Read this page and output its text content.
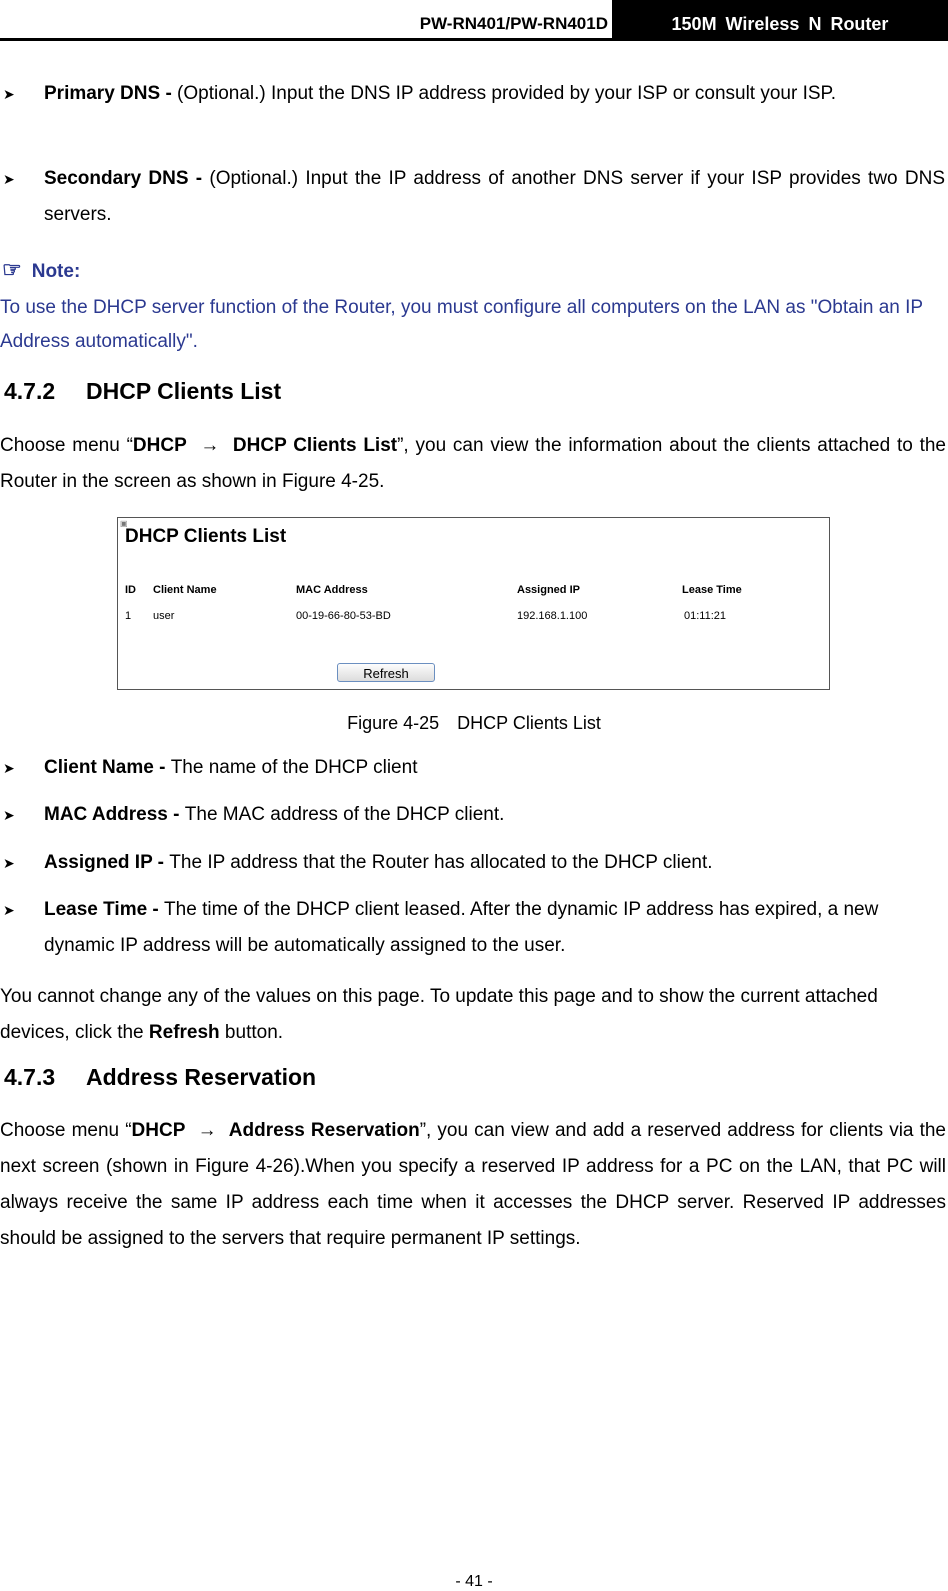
PW-RN401/PW-RN401D	150M Wireless N Router
➤ Primary DNS - (Optional.) Input the DNS IP address provided by your ISP or consult your ISP.
➤ Secondary DNS - (Optional.) Input the IP address of another DNS server if your ISP provides two DNS servers.
☞ Note:
To use the DHCP server function of the Router, you must configure all computers on the LAN as "Obtain an IP Address automatically".
4.7.2 DHCP Clients List
Choose menu “DHCP → DHCP Clients List”, you can view the information about the clients attached to the Router in the screen as shown in Figure 4-25.
▣
DHCP Clients List
ID Client Name	MAC Address	Assigned IP	Lease Time
1 user	00-19-66-80-53-BD	192.168.1.100	01:11:21
Refresh
Figure 4-25 DHCP Clients List
➤ Client Name - The name of the DHCP client
➤ MAC Address - The MAC address of the DHCP client.
➤ Assigned IP - The IP address that the Router has allocated to the DHCP client.
➤ Lease Time - The time of the DHCP client leased. After the dynamic IP address has expired, a new dynamic IP address will be automatically assigned to the user.
You cannot change any of the values on this page. To update this page and to show the current attached devices, click the Refresh button.
4.7.3 Address Reservation
Choose menu “DHCP → Address Reservation”, you can view and add a reserved address for clients via the next screen (shown in Figure 4-26).When you specify a reserved IP address for a PC on the LAN, that PC will always receive the same IP address each time when it accesses the DHCP server. Reserved IP addresses should be assigned to the servers that require permanent IP settings.
- 41 -
